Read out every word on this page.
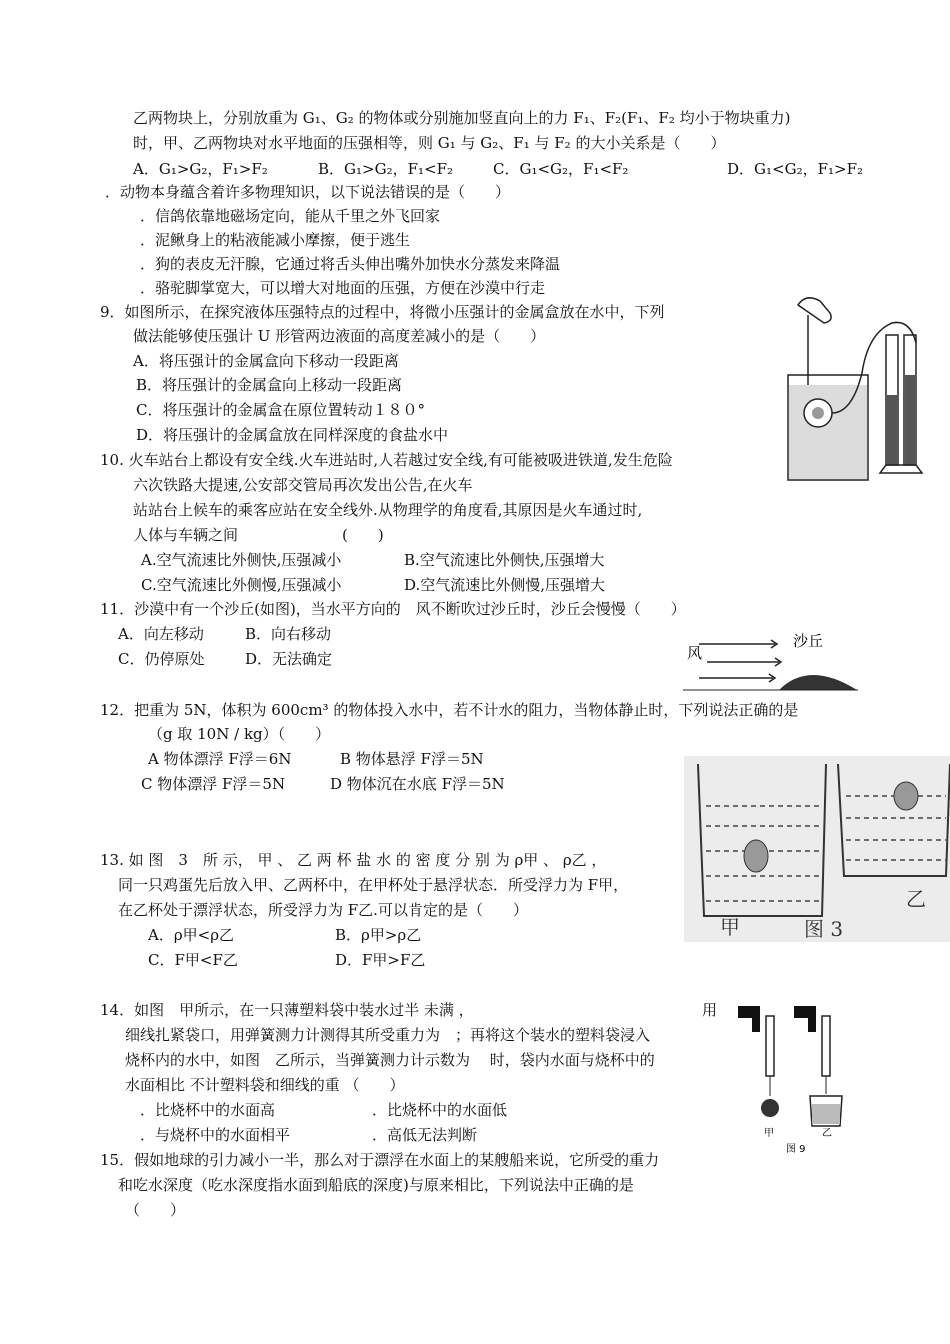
乙两物块上，分别放重为 G₁、G₂ 的物体或分别施加竖直向上的力 F₁、F₂(F₁、F₂ 均小于物块重力)
时，甲、乙两物块对水平地面的压强相等，则 G₁ 与 G₂、F₁ 与 F₂ 的大小关系是（　　）
A．G₁>G₂，F₁>F₂	B．G₁>G₂，F₁<F₂	C．G₁<G₂，F₁<F₂	D．G₁<G₂，F₁>F₂
．动物本身蕴含着许多物理知识，以下说法错误的是（　　）
．信鸽依靠地磁场定向，能从千里之外飞回家
．泥鳅身上的粘液能减小摩擦，便于逃生
．狗的表皮无汗腺，它通过将舌头伸出嘴外加快水分蒸发来降温
．骆驼脚掌宽大，可以增大对地面的压强，方便在沙漠中行走
9．如图所示，在探究液体压强特点的过程中，将微小压强计的金属盒放在水中，下列
做法能够使压强计 U 形管两边液面的高度差减小的是（　　）
A．将压强计的金属盒向下移动一段距离
B．将压强计的金属盒向上移动一段距离
C．将压强计的金属盒在原位置转动１８０°
D．将压强计的金属盒放在同样深度的食盐水中
10. 火车站台上都设有安全线.火车进站时,人若越过安全线,有可能被吸进铁道,发生危险
六次铁路大提速,公安部交管局再次发出公告,在火车
站站台上候车的乘客应站在安全线外.从物理学的角度看,其原因是火车通过时,
人体与车辆之间	(　　)
A.空气流速比外侧快,压强减小	B.空气流速比外侧快,压强增大
C.空气流速比外侧慢,压强减小	D.空气流速比外侧慢,压强增大
11．沙漠中有一个沙丘(如图)，当水平方向的　风不断吹过沙丘时，沙丘会慢慢（　　）
A．向左移动	B．向右移动
C．仍停原处	D．无法确定
12．把重为 5N，体积为 600cm³ 的物体投入水中，若不计水的阻力，当物体静止时，下列说法正确的是
（g 取 10N / kg）（　　）
A 物体漂浮 F浮＝6N	B 物体悬浮 F浮＝5N
C 物体漂浮 F浮＝5N	D 物体沉在水底 F浮＝5N
13. 如 图　3　所 示， 甲 、 乙 两 杯 盐 水 的 密 度 分 别 为 ρ甲 、 ρ乙 ，
同一只鸡蛋先后放入甲、乙两杯中，在甲杯处于悬浮状态．所受浮力为 F甲，
在乙杯处于漂浮状态，所受浮力为 F乙.可以肯定的是（　　）
A．ρ甲<ρ乙	B．ρ甲>ρ乙
C．F甲<F乙	D．F甲>F乙
14．如图　甲所示，在一只薄塑料袋中装水过半 未满 ，	用
细线扎紧袋口，用弹簧测力计测得其所受重力为　；再将这个装水的塑料袋浸入
烧杯内的水中，如图　乙所示，当弹簧测力计示数为　 时，袋内水面与烧杯中的
水面相比 不计塑料袋和细线的重 （　　）
．比烧杯中的水面高	．比烧杯中的水面低
．与烧杯中的水面相平	．高低无法判断
15．假如地球的引力减小一半，那么对于漂浮在水面上的某艘船来说，它所受的重力
和吃水深度（吃水深度指水面到船底的深度)与原来相比，下列说法中正确的是
（　　）
风
沙丘
甲
乙
图 3
甲	乙
图 9
